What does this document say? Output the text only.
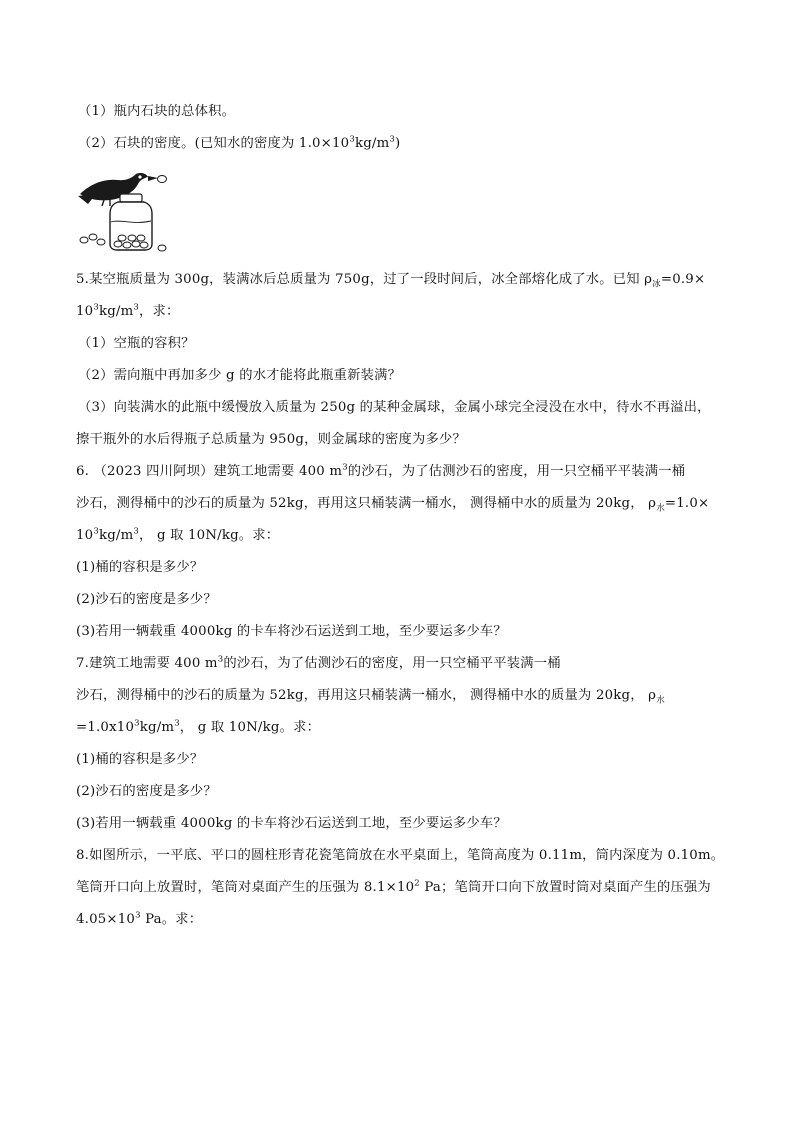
（1）瓶内石块的总体积。
（2）石块的密度。(已知水的密度为 $1.0\times 10^3kg/m^3$)
5.某空瓶质量为 300g，装满冰后总质量为 750g，过了一段时间后，冰全部熔化成了水。已知 $\rho_冰=0.9\times$
$10^3kg/m^3$，求：
（1）空瓶的容积？
（2）需向瓶中再加多少 g 的水才能将此瓶重新装满？
（3）向装满水的此瓶中缓慢放入质量为 250g 的某种金属球，金属小球完全浸没在水中，待水不再溢出，
擦干瓶外的水后得瓶子总质量为 950g，则金属球的密度为多少？
6. （2023 四川阿坝）建筑工地需要 400 $m^3$的沙石，为了估测沙石的密度，用一只空桶平平装满一桶
沙石，测得桶中的沙石的质量为 52kg，再用这只桶装满一桶水， 测得桶中水的质量为 20kg， $\rho_水=1.0\times$
$10^3kg/m^3$， g 取 10N/kg。求：
(1)桶的容积是多少？
(2)沙石的密度是多少？
(3)若用一辆载重 4000kg 的卡车将沙石运送到工地，至少要运多少车？
7.建筑工地需要 400 $m^3$的沙石，为了估测沙石的密度，用一只空桶平平装满一桶
沙石，测得桶中的沙石的质量为 52kg，再用这只桶装满一桶水， 测得桶中水的质量为 20kg， $\rho_水$
$=1.0x10^3kg/m^3$， g 取 10N/kg。求：
(1)桶的容积是多少？
(2)沙石的密度是多少？
(3)若用一辆载重 4000kg 的卡车将沙石运送到工地，至少要运多少车？
8.如图所示，一平底、平口的圆柱形青花瓷笔筒放在水平桌面上，笔筒高度为 0.11m，筒内深度为 0.10m。
笔筒开口向上放置时，笔筒对桌面产生的压强为 $8.1\times 10^2$ Pa；笔筒开口向下放置时筒对桌面产生的压强为
$4.05\times 10^3$ Pa。求：
